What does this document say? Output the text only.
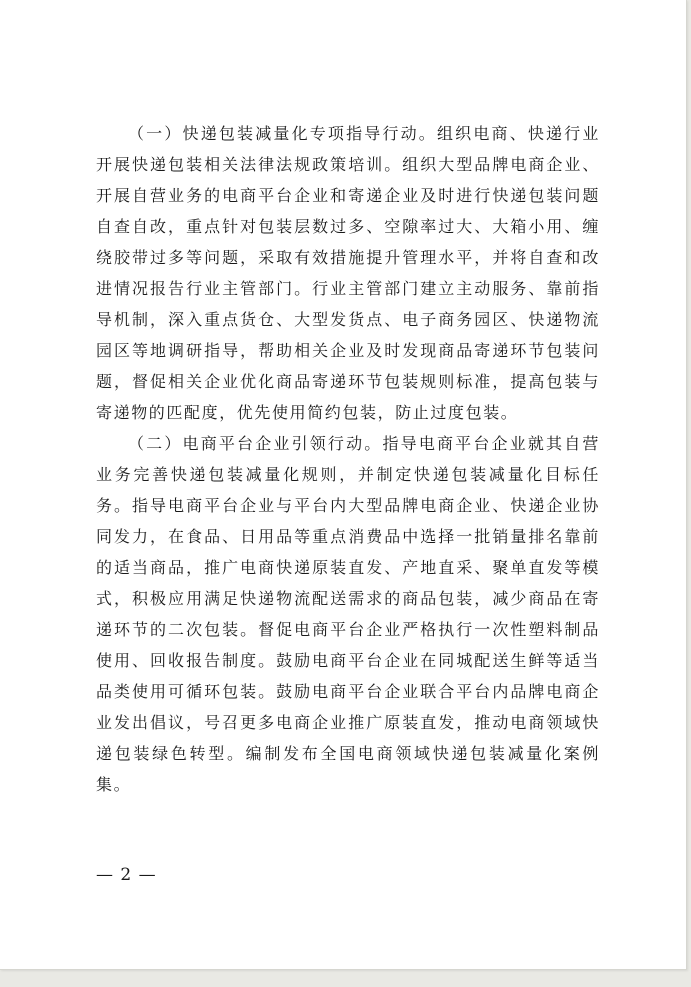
（一）快递包装减量化专项指导行动。组织电商、快递行业开展快递包装相关法律法规政策培训。组织大型品牌电商企业、开展自营业务的电商平台企业和寄递企业及时进行快递包装问题自查自改，重点针对包装层数过多、空隙率过大、大箱小用、缠绕胶带过多等问题，采取有效措施提升管理水平，并将自查和改进情况报告行业主管部门。行业主管部门建立主动服务、靠前指导机制，深入重点货仓、大型发货点、电子商务园区、快递物流园区等地调研指导，帮助相关企业及时发现商品寄递环节包装问题，督促相关企业优化商品寄递环节包装规则标准，提高包装与寄递物的匹配度，优先使用简约包装，防止过度包装。

（二）电商平台企业引领行动。指导电商平台企业就其自营业务完善快递包装减量化规则，并制定快递包装减量化目标任务。指导电商平台企业与平台内大型品牌电商企业、快递企业协同发力，在食品、日用品等重点消费品中选择一批销量排名靠前的适当商品，推广电商快递原装直发、产地直采、聚单直发等模式，积极应用满足快递物流配送需求的商品包装，减少商品在寄递环节的二次包装。督促电商平台企业严格执行一次性塑料制品使用、回收报告制度。鼓励电商平台企业在同城配送生鲜等适当品类使用可循环包装。鼓励电商平台企业联合平台内品牌电商企业发出倡议，号召更多电商企业推广原装直发，推动电商领域快递包装绿色转型。编制发布全国电商领域快递包装减量化案例集。

— 2 —
